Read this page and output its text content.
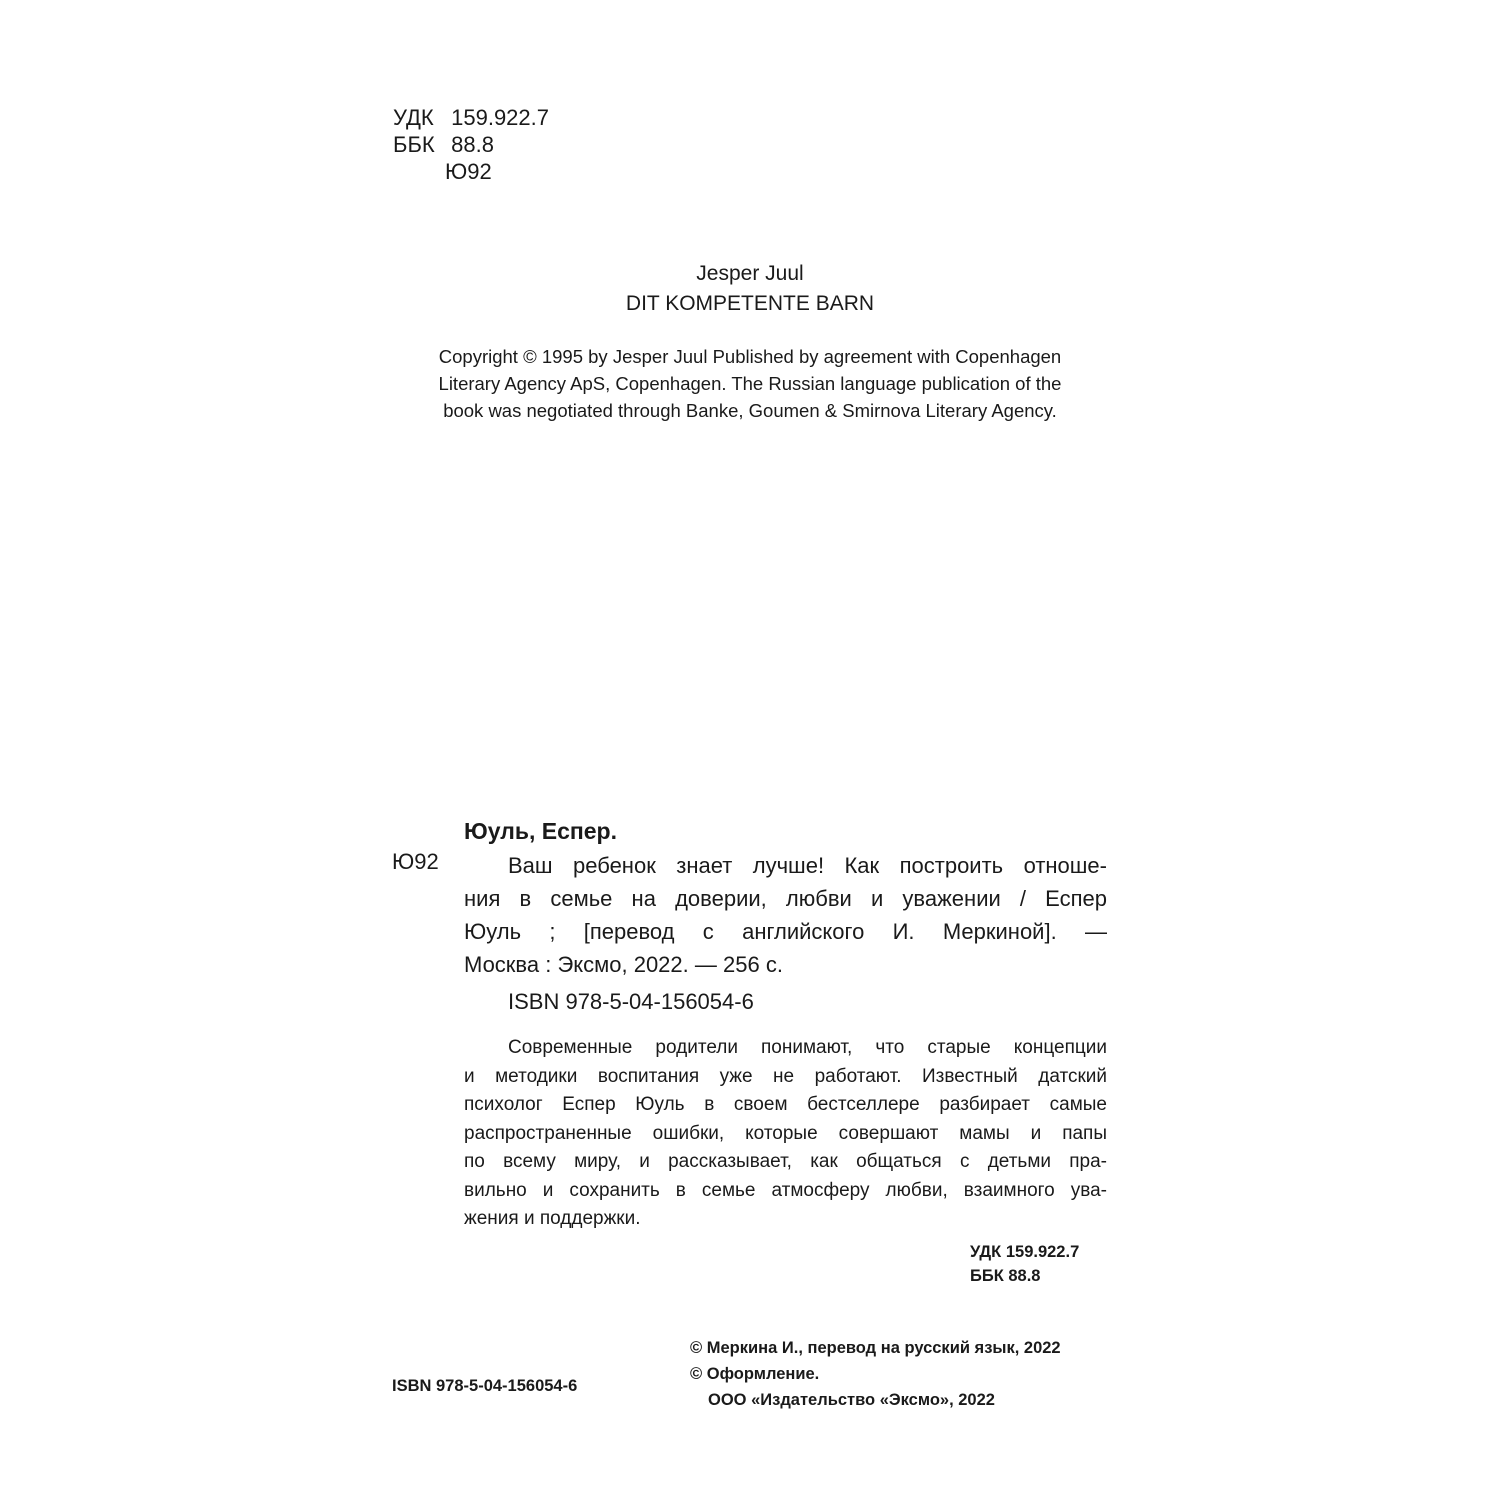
УДК 159.922.7
ББК 88.8
Ю92
Jesper Juul
DIT KOMPETENTE BARN
Copyright © 1995 by Jesper Juul Published by agreement with Copenhagen
Literary Agency ApS, Copenhagen. The Russian language publication of the
book was negotiated through Banke, Goumen & Smirnova Literary Agency.
Юуль, Еспер.
Ю92	Ваш ребенок знает лучше! Как построить отноше-
ния в семье на доверии, любви и уважении / Еспер
Юуль ; [перевод с английского И. Меркиной]. —
Москва : Эксмо, 2022. — 256 с.
ISBN 978-5-04-156054-6
Современные родители понимают, что старые концепции
и методики воспитания уже не работают. Известный датский
психолог Еспер Юуль в своем бестселлере разбирает самые
распространенные ошибки, которые совершают мамы и папы
по всему миру, и рассказывает, как общаться с детьми пра-
вильно и сохранить в семье атмосферу любви, взаимного ува-
жения и поддержки.
УДК 159.922.7
ББК 88.8
© Меркина И., перевод на русский язык, 2022
© Оформление.
ООО «Издательство «Эксмо», 2022
ISBN 978-5-04-156054-6
